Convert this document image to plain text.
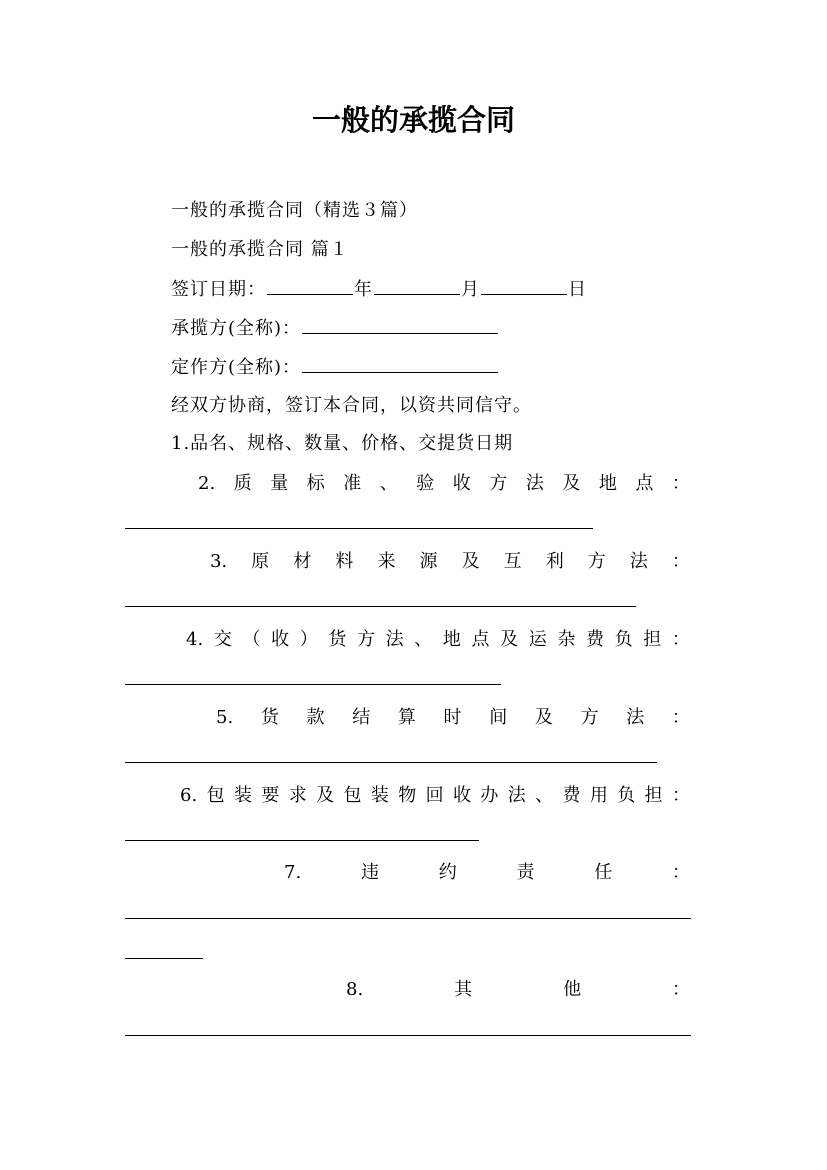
一般的承揽合同
一般的承揽合同（精选３篇）
一般的承揽合同 篇１
签订日期：	年	月	日
承揽方(全称)：
定作方(全称)：
经双方协商，签订本合同，以资共同信守。
1.品名、规格、数量、价格、交提货日期
2. 质 量 标 准 、 验 收 方 法 及 地 点 ：
3. 原 材 料 来 源 及 互 利 方 法 ：
4. 交 （ 收 ） 货 方 法 、 地 点 及 运 杂 费 负 担 ：
5. 货 款 结 算 时 间 及 方 法 ：
6. 包 装 要 求 及 包 装 物 回 收 办 法 、 费 用 负 担 ：
7.	违	约	责	任	：
8.	其	他	：
